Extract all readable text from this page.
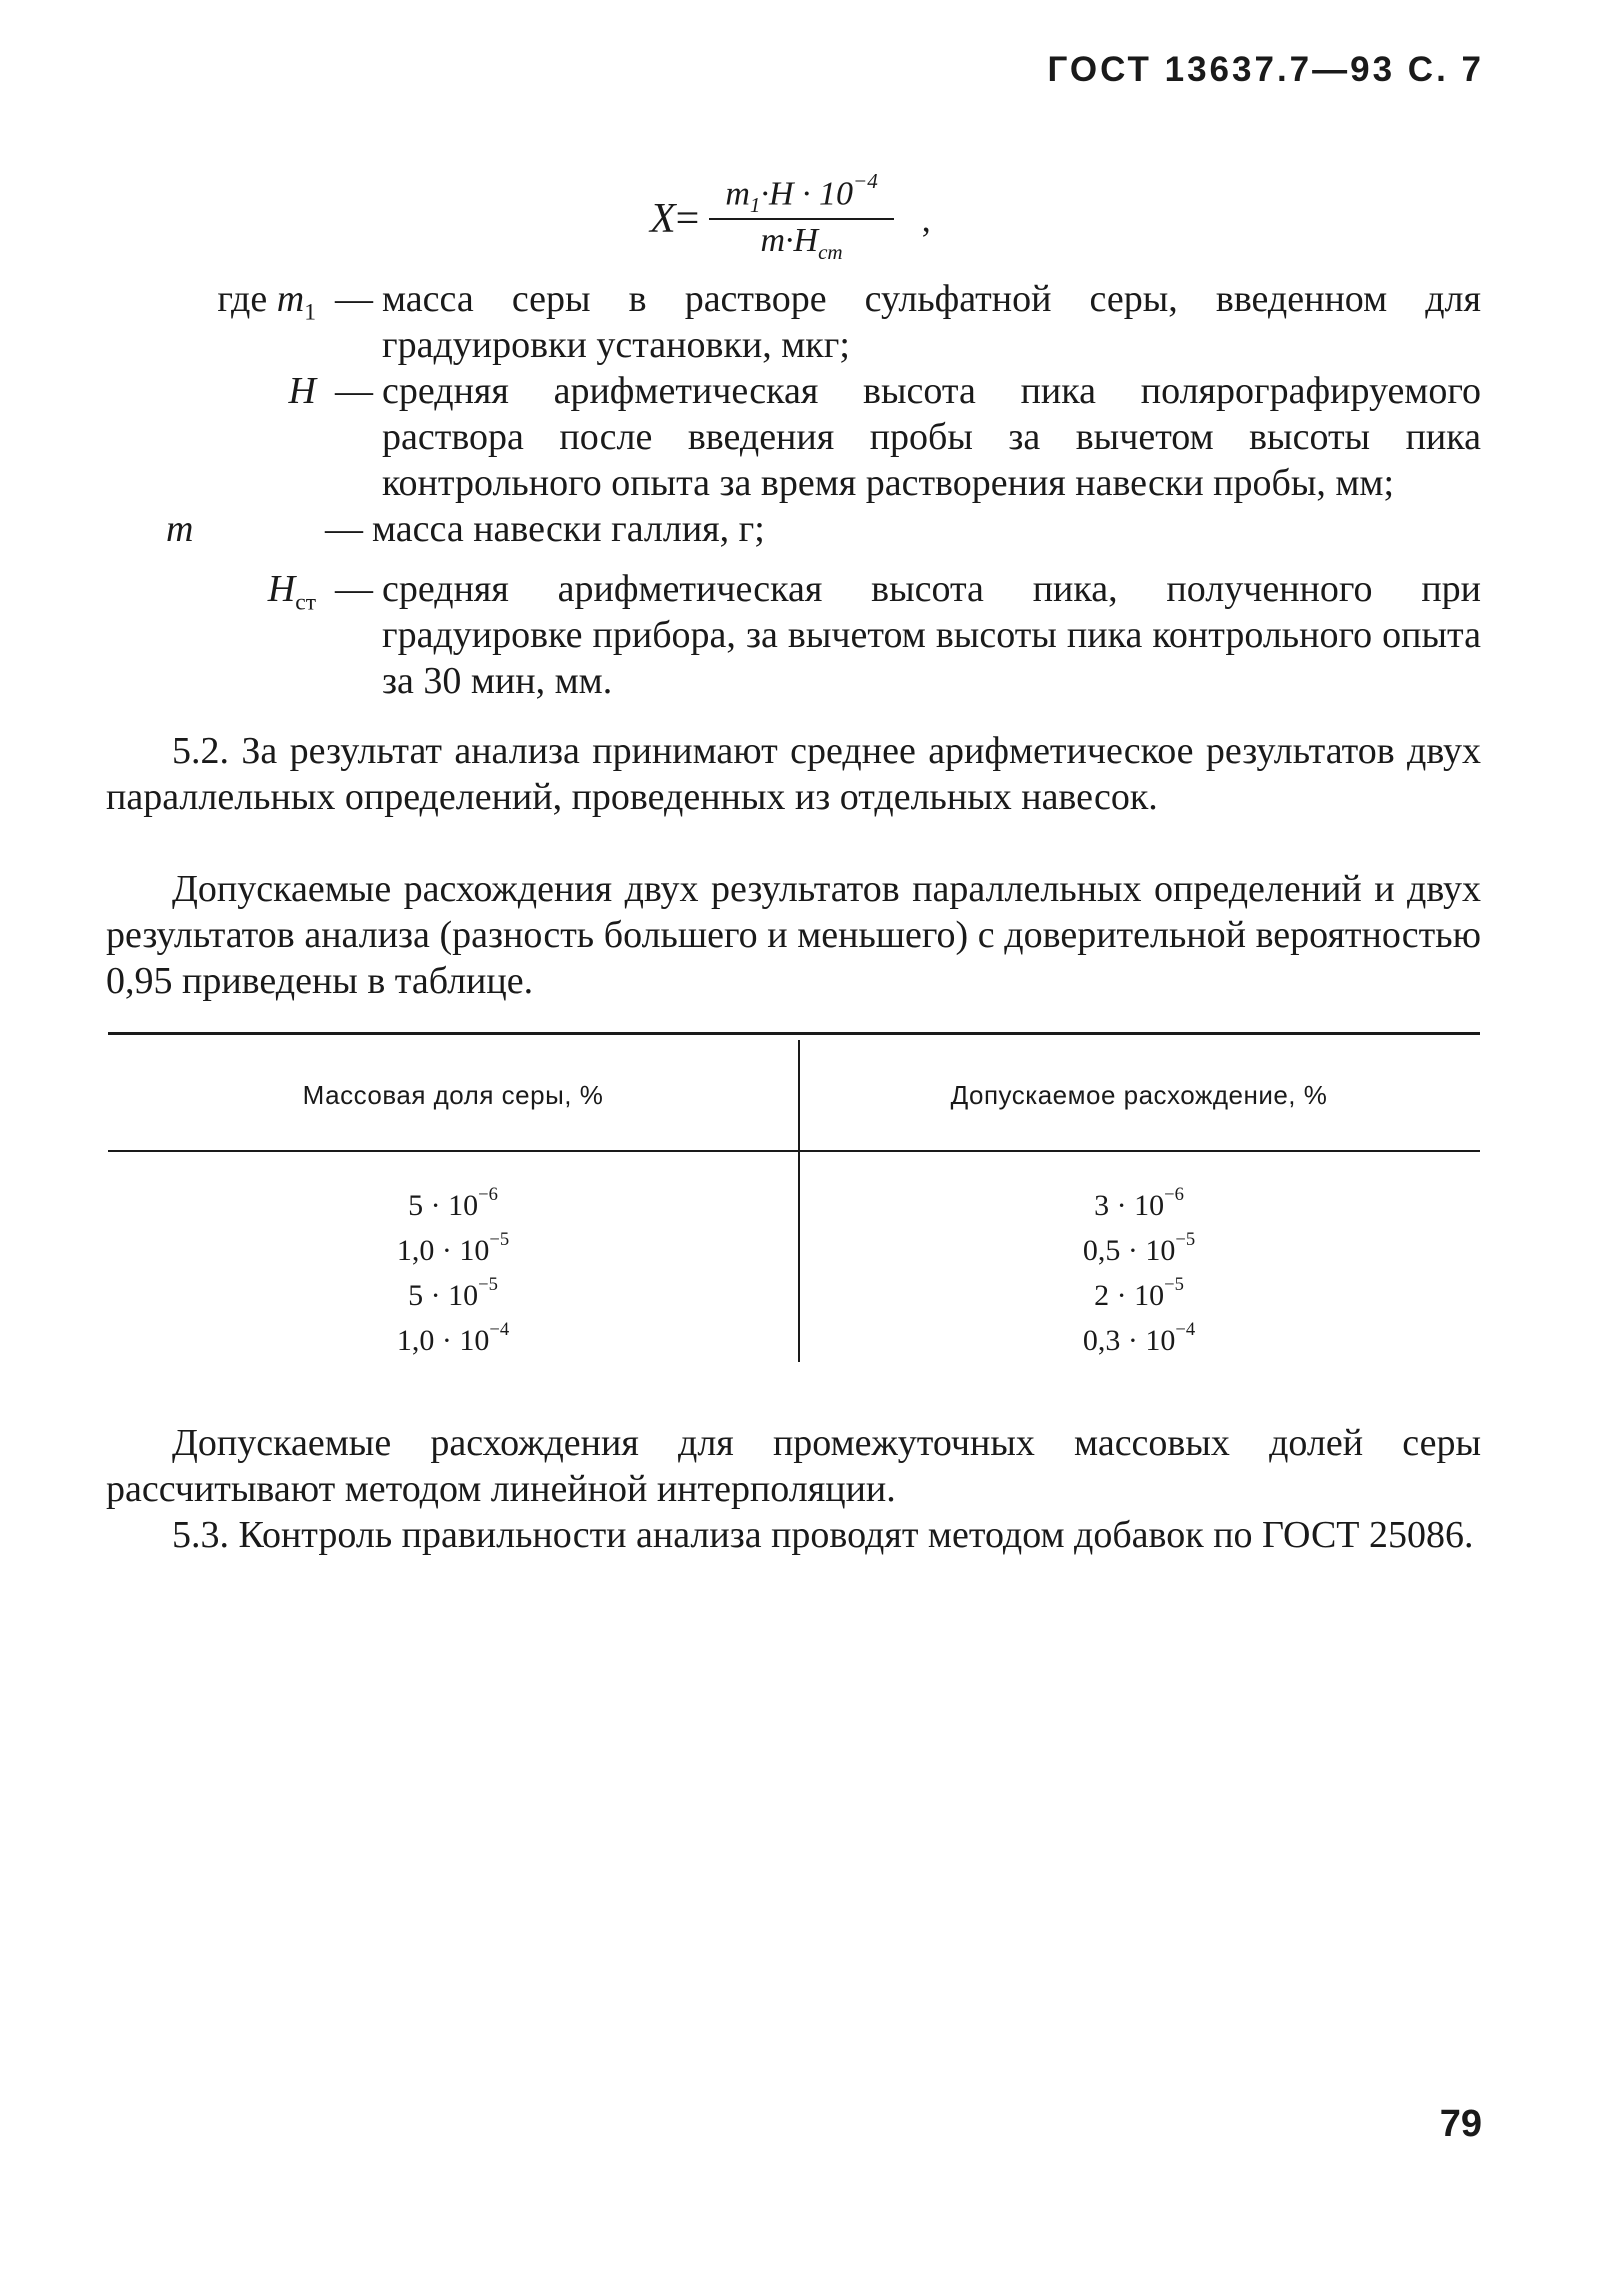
ГОСТ 13637.7—93 С. 7
$X = \frac{m_1\cdot H \cdot 10^{-4}}{m\cdot H_{ст}}$ ,
где $m_1$ — масса серы в растворе сульфатной серы, введенном для градуировки установки, мкг;
H — средняя арифметическая высота пика полярографируемого раствора после введения пробы за вычетом высоты пика контрольного опыта за время растворения навески пробы, мм;
m	— масса навески галлия, г;
$H_{ст}$ — средняя арифметическая высота пика, полученного при градуировке прибора, за вычетом высоты пика контрольного опыта за 30 мин, мм.

5.2. За результат анализа принимают среднее арифметическое результатов двух параллельных определений, проведенных из отдельных навесок.

Допускаемые расхождения двух результатов параллельных определений и двух результатов анализа (разность большего и меньшего) с доверительной вероятностью 0,95 приведены в таблице.

Массовая доля серы, %	Допускаемое расхождение, %
$5 \cdot 10^{-6}$
$1,0 \cdot 10^{-5}$
$5 \cdot 10^{-5}$
$1,0 \cdot 10^{-4}$
$3 \cdot 10^{-6}$
$0,5 \cdot 10^{-5}$
$2 \cdot 10^{-5}$
$0,3 \cdot 10^{-4}$

Допускаемые расхождения для промежуточных массовых долей серы рассчитывают методом линейной интерполяции.

5.3. Контроль правильности анализа проводят методом добавок по ГОСТ 25086.

79
